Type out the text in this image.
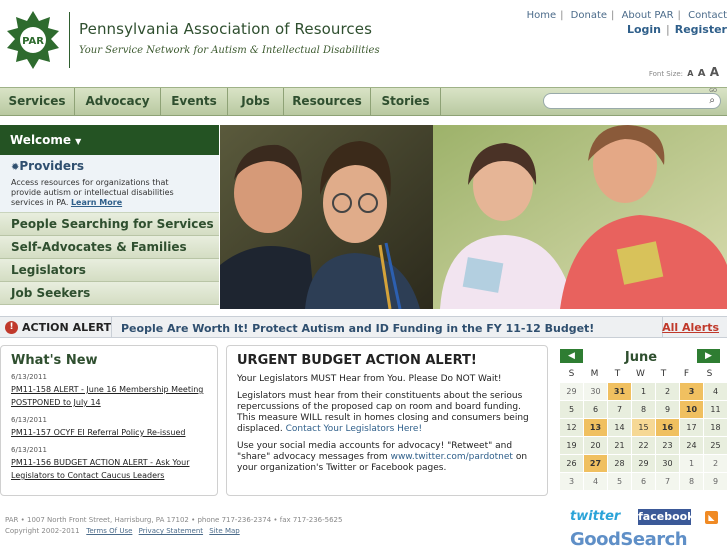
PAR
Pennsylvania Association of Resources
Your Service Network for Autism & Intellectual Disabilities
Home | Donate | About PAR | Contact
Login | Register
Font Size: A A A
Services	Advocacy	Events	Jobs	Resources	Stories
GO
⌕
Welcome ▼
✹Providers
Access resources for organizations that provide autism or intellectual disabilities services in PA. Learn More
People Searching for Services
Self-Advocates & Families
Legislators
Job Seekers
! ACTION ALERT People Are Worth It! Protect Autism and ID Funding in the FY 11-12 Budget!	All Alerts
What's New
6/13/2011
PM11-158 ALERT - June 16 Membership Meeting POSTPONED to July 14
6/13/2011
PM11-157 OCYF EI Referral Policy Re-issued
6/13/2011
PM11-156 BUDGET ACTION ALERT - Ask Your Legislators to Contact Caucus Leaders
URGENT BUDGET ACTION ALERT!
Your Legislators MUST Hear from You. Please Do NOT Wait!
Legislators must hear from their constituents about the serious repercussions of the proposed cap on room and board funding. This measure WILL result in homes closing and consumers being displaced. Contact Your Legislators Here!
Use your social media accounts for advocacy! "Retweet" and "share" advocacy messages from www.twitter.com/pardotnet on your organization's Twitter or Facebook pages.
◀	June	▶
S	M	T	W	T	F	S
29	30	31	1	2	3	4
5	6	7	8	9	10	11
12	13	14	15	16	17	18
19	20	21	22	23	24	25
26	27	28	29	30	1	2
3	4	5	6	7	8	9
PAR • 1007 North Front Street, Harrisburg, PA 17102 • phone 717-236-2374 • fax 717-236-5625
Copyright 2002-2011 Terms Of Use Privacy Statement Site Map
twitter facebook	◣
GoodSearch
